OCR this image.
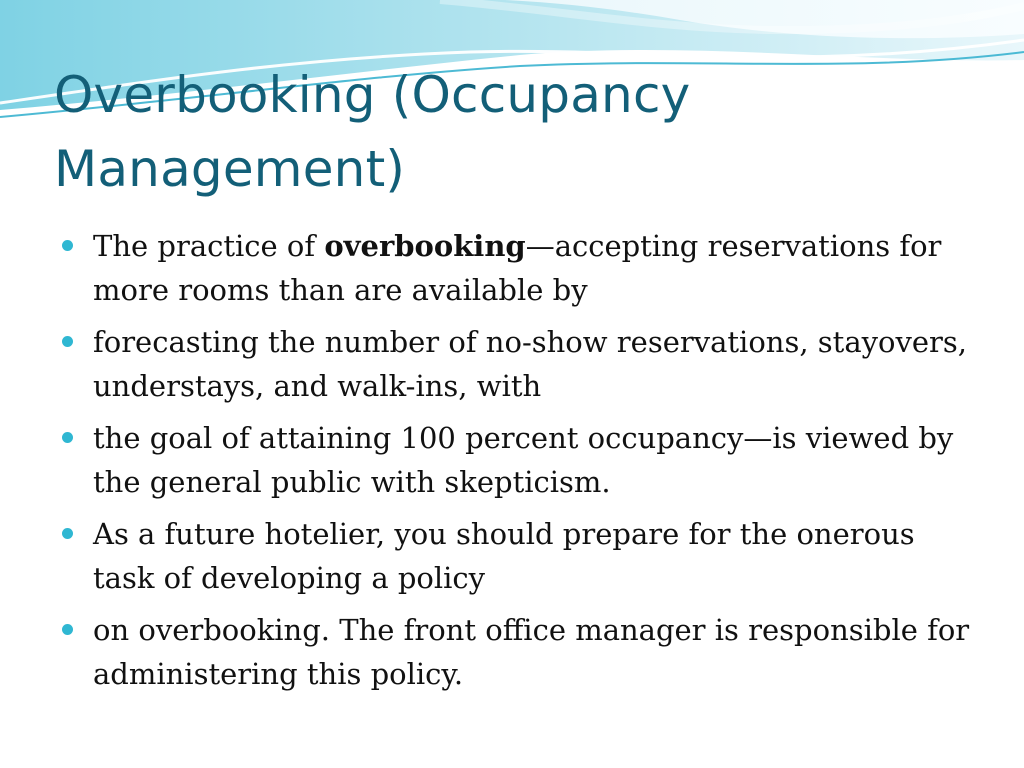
Overbooking (Occupancy Management)
The practice of overbooking—accepting reservations for more rooms than are available by
forecasting the number of no-show reservations, stayovers, understays, and walk-ins, with
the goal of attaining 100 percent occupancy—is viewed by the general public with skepticism.
As a future hotelier, you should prepare for the onerous task of developing a policy
on overbooking. The front office manager is responsible for administering this policy.
